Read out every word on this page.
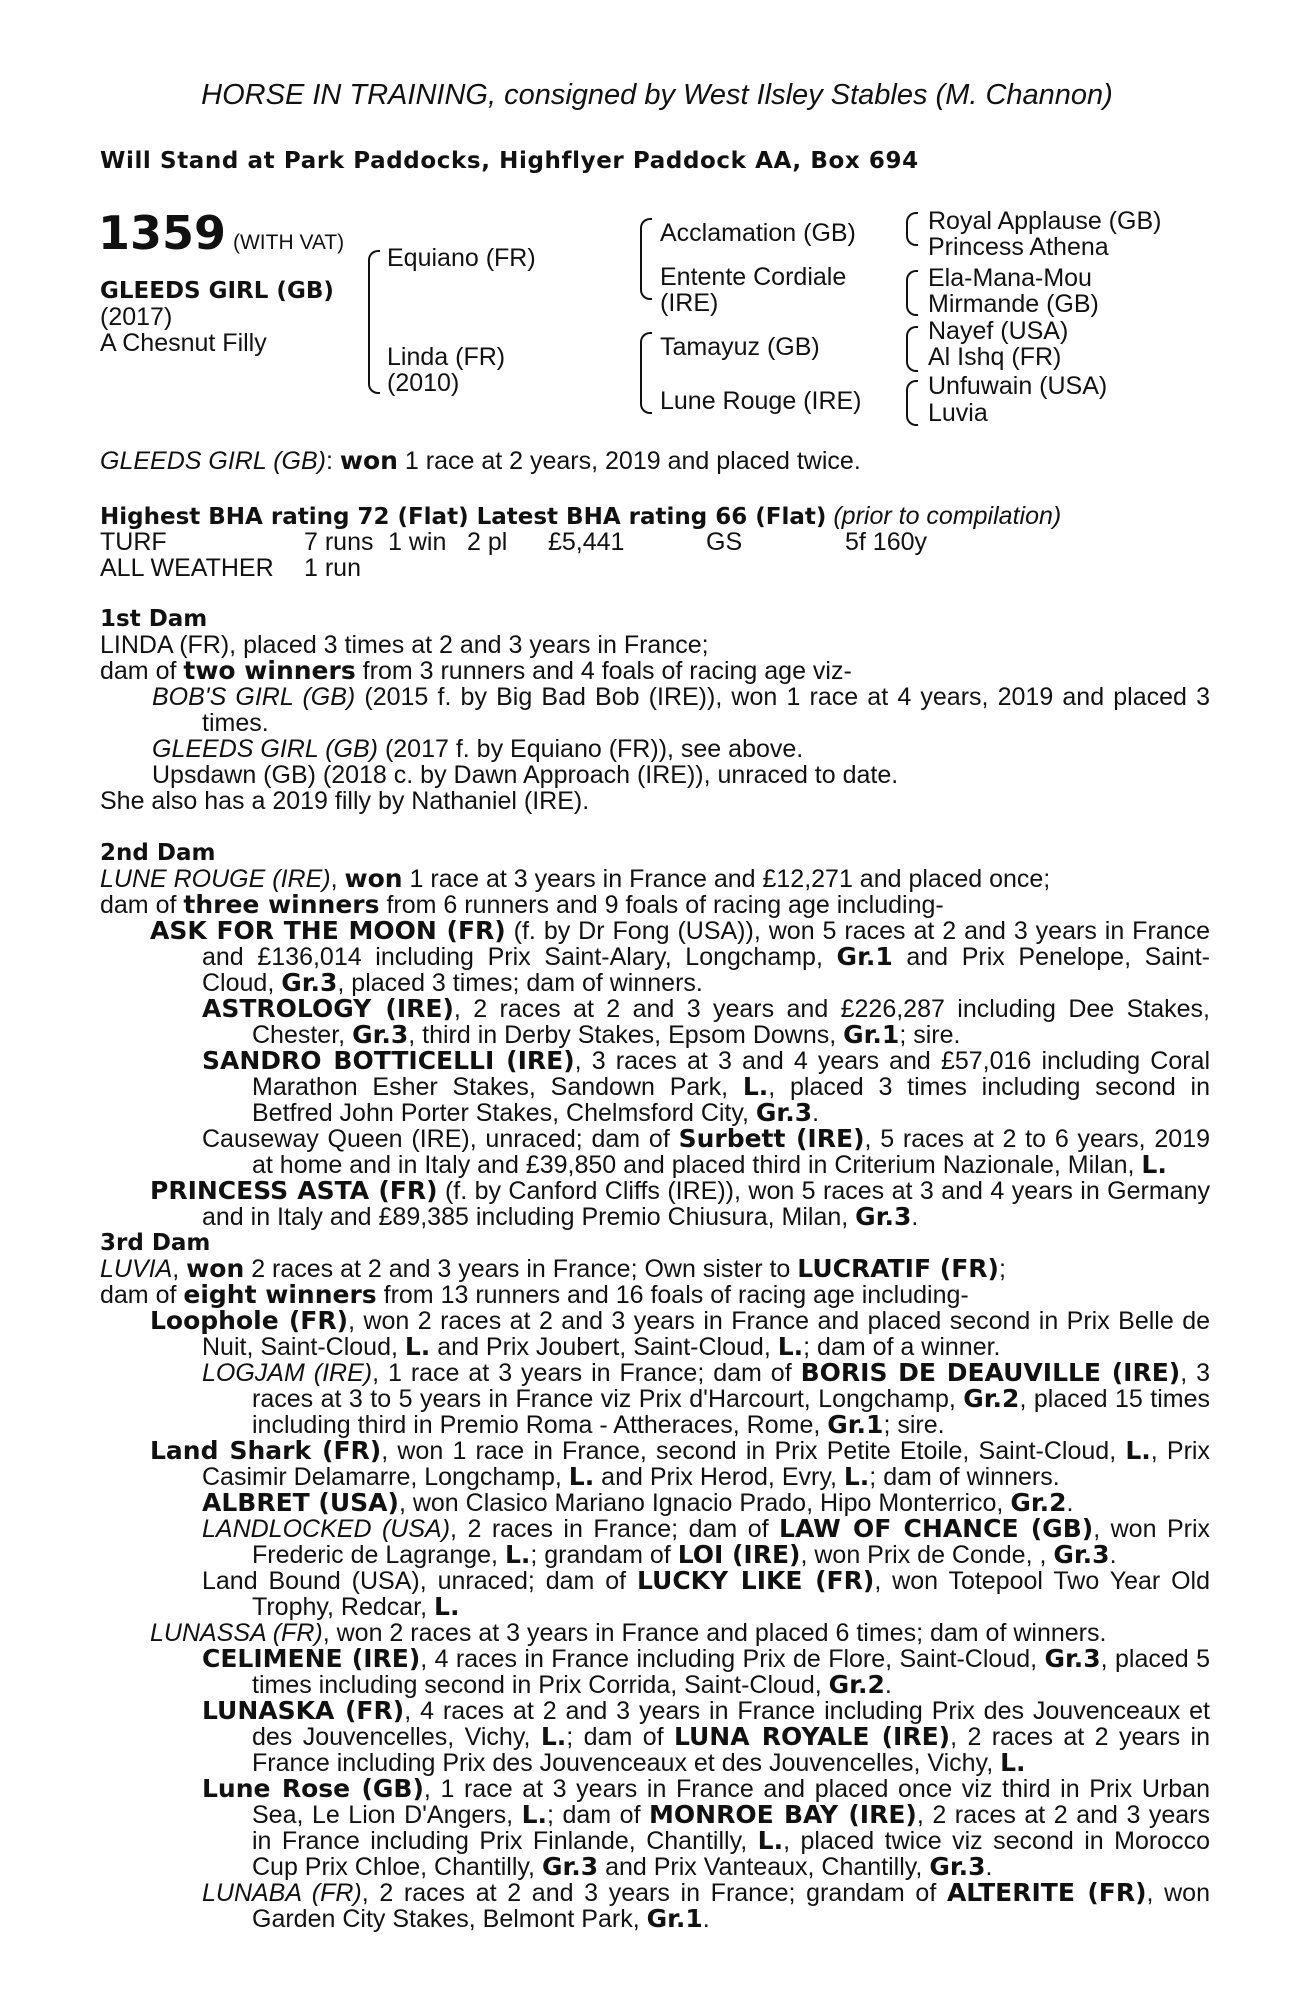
HORSE IN TRAINING, consigned by West Ilsley Stables (M. Channon)
Will Stand at Park Paddocks, Highflyer Paddock AA, Box 694
1359 (WITH VAT)
GLEEDS GIRL (GB)
(2017)
A Chesnut Filly
Equiano (FR)
Linda (FR)
(2010)
Acclamation (GB)
Entente Cordiale
(IRE)
Tamayuz (GB)
Lune Rouge (IRE)
Royal Applause (GB)
Princess Athena
Ela-Mana-Mou
Mirmande (GB)
Nayef (USA)
Al Ishq (FR)
Unfuwain (USA)
Luvia
GLEEDS GIRL (GB): won 1 race at 2 years, 2019 and placed twice.
Highest BHA rating 72 (Flat) Latest BHA rating 66 (Flat) (prior to compilation)
TURF	7 runs 1 win 2 pl £5,441	GS	5f 160y
ALL WEATHER 1 run
1st Dam

LINDA (FR), placed 3 times at 2 and 3 years in France;

dam of two winners from 3 runners and 4 foals of racing age viz-

BOB'S GIRL (GB) (2015 f. by Big Bad Bob (IRE)), won 1 race at 4 years, 2019 and placed 3 times.

GLEEDS GIRL (GB) (2017 f. by Equiano (FR)), see above.

Upsdawn (GB) (2018 c. by Dawn Approach (IRE)), unraced to date.

She also has a 2019 filly by Nathaniel (IRE).

2nd Dam

LUNE ROUGE (IRE), won 1 race at 3 years in France and £12,271 and placed once;

dam of three winners from 6 runners and 9 foals of racing age including-

ASK FOR THE MOON (FR) (f. by Dr Fong (USA)), won 5 races at 2 and 3 years in France and £136,014 including Prix Saint-Alary, Longchamp, Gr.1 and Prix Penelope, Saint-Cloud, Gr.3, placed 3 times; dam of winners.

ASTROLOGY (IRE), 2 races at 2 and 3 years and £226,287 including Dee Stakes, Chester, Gr.3, third in Derby Stakes, Epsom Downs, Gr.1; sire.

SANDRO BOTTICELLI (IRE), 3 races at 3 and 4 years and £57,016 including Coral Marathon Esher Stakes, Sandown Park, L., placed 3 times including second in Betfred John Porter Stakes, Chelmsford City, Gr.3.

Causeway Queen (IRE), unraced; dam of Surbett (IRE), 5 races at 2 to 6 years, 2019 at home and in Italy and £39,850 and placed third in Criterium Nazionale, Milan, L.

PRINCESS ASTA (FR) (f. by Canford Cliffs (IRE)), won 5 races at 3 and 4 years in Germany and in Italy and £89,385 including Premio Chiusura, Milan, Gr.3.

3rd Dam

LUVIA, won 2 races at 2 and 3 years in France; Own sister to LUCRATIF (FR);

dam of eight winners from 13 runners and 16 foals of racing age including-

Loophole (FR), won 2 races at 2 and 3 years in France and placed second in Prix Belle de Nuit, Saint-Cloud, L. and Prix Joubert, Saint-Cloud, L.; dam of a winner.

LOGJAM (IRE), 1 race at 3 years in France; dam of BORIS DE DEAUVILLE (IRE), 3 races at 3 to 5 years in France viz Prix d'Harcourt, Longchamp, Gr.2, placed 15 times including third in Premio Roma - Attheraces, Rome, Gr.1; sire.

Land Shark (FR), won 1 race in France, second in Prix Petite Etoile, Saint-Cloud, L., Prix Casimir Delamarre, Longchamp, L. and Prix Herod, Evry, L.; dam of winners.

ALBRET (USA), won Clasico Mariano Ignacio Prado, Hipo Monterrico, Gr.2.

LANDLOCKED (USA), 2 races in France; dam of LAW OF CHANCE (GB), won Prix Frederic de Lagrange, L.; grandam of LOI (IRE), won Prix de Conde, , Gr.3.

Land Bound (USA), unraced; dam of LUCKY LIKE (FR), won Totepool Two Year Old Trophy, Redcar, L.

LUNASSA (FR), won 2 races at 3 years in France and placed 6 times; dam of winners.

CELIMENE (IRE), 4 races in France including Prix de Flore, Saint-Cloud, Gr.3, placed 5 times including second in Prix Corrida, Saint-Cloud, Gr.2.

LUNASKA (FR), 4 races at 2 and 3 years in France including Prix des Jouvenceaux et des Jouvencelles, Vichy, L.; dam of LUNA ROYALE (IRE), 2 races at 2 years in France including Prix des Jouvenceaux et des Jouvencelles, Vichy, L.

Lune Rose (GB), 1 race at 3 years in France and placed once viz third in Prix Urban Sea, Le Lion D'Angers, L.; dam of MONROE BAY (IRE), 2 races at 2 and 3 years in France including Prix Finlande, Chantilly, L., placed twice viz second in Morocco Cup Prix Chloe, Chantilly, Gr.3 and Prix Vanteaux, Chantilly, Gr.3.

LUNABA (FR), 2 races at 2 and 3 years in France; grandam of ALTERITE (FR), won Garden City Stakes, Belmont Park, Gr.1.
